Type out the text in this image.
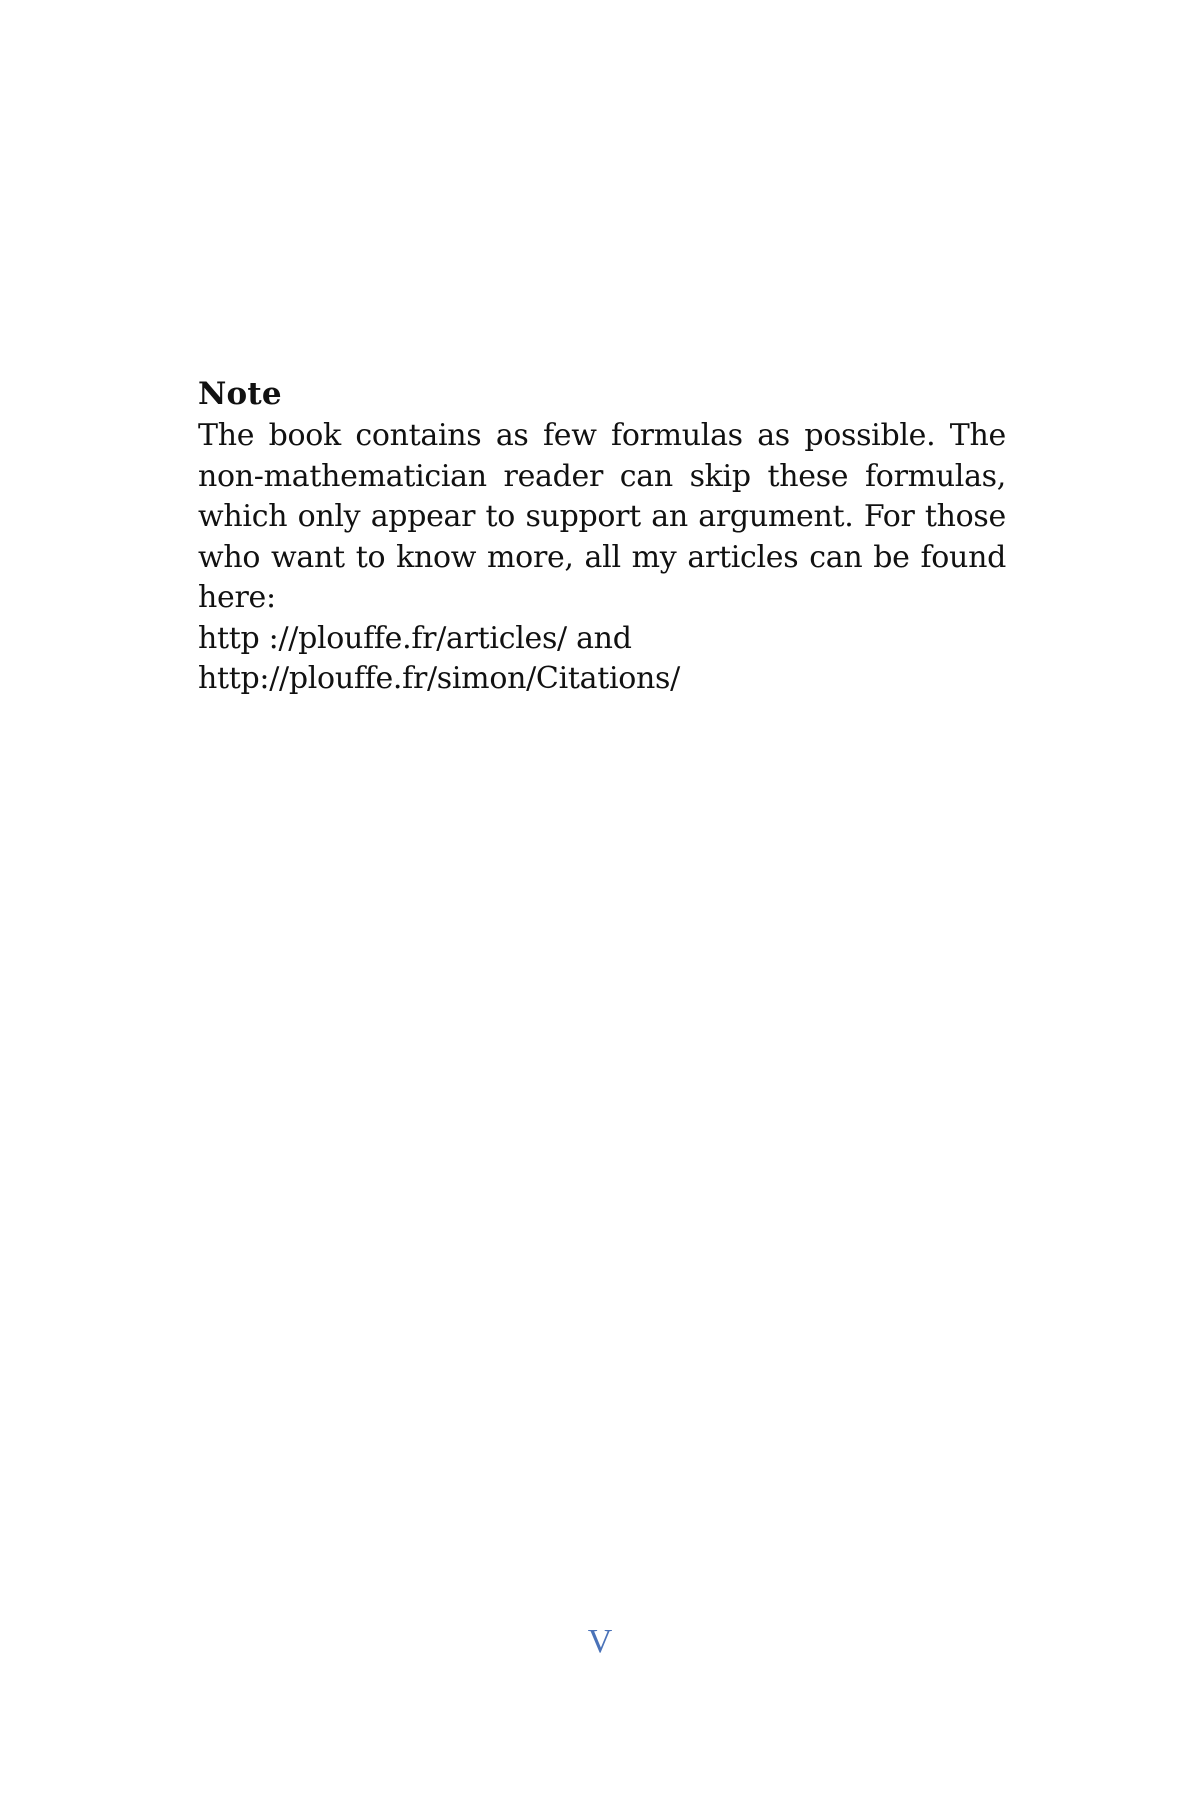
Note

The book contains as few formulas as possible. The non-mathematician reader can skip these formulas, which only appear to support an argument. For those who want to know more, all my articles can be found here:

http ://plouffe.fr/articles/ and

http://plouffe.fr/simon/Citations/

V
